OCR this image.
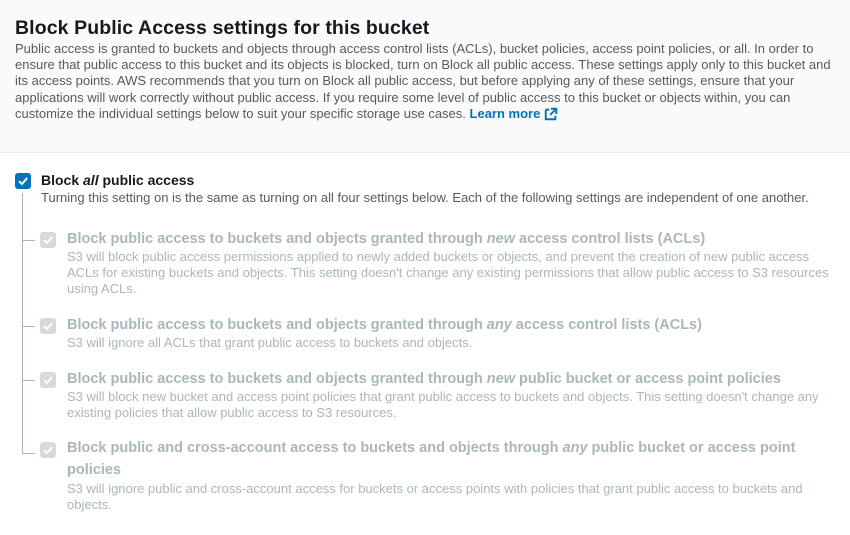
Block Public Access settings for this bucket

Public access is granted to buckets and objects through access control lists (ACLs), bucket policies, access point policies, or all. In order to ensure that public access to this bucket and its objects is blocked, turn on Block all public access. These settings apply only to this bucket and its access points. AWS recommends that you turn on Block all public access, but before applying any of these settings, ensure that your applications will work correctly without public access. If you require some level of public access to this bucket or objects within, you can customize the individual settings below to suit your specific storage use cases. Learn more

Block all public access
Turning this setting on is the same as turning on all four settings below. Each of the following settings are independent of one another.
Block public access to buckets and objects granted through new access control lists (ACLs)
S3 will block public access permissions applied to newly added buckets or objects, and prevent the creation of new public access ACLs for existing buckets and objects. This setting doesn't change any existing permissions that allow public access to S3 resources using ACLs.
Block public access to buckets and objects granted through any access control lists (ACLs)
S3 will ignore all ACLs that grant public access to buckets and objects.
Block public access to buckets and objects granted through new public bucket or access point policies
S3 will block new bucket and access point policies that grant public access to buckets and objects. This setting doesn't change any existing policies that allow public access to S3 resources.
Block public and cross-account access to buckets and objects through any public bucket or access point policies
S3 will ignore public and cross-account access for buckets or access points with policies that grant public access to buckets and objects.
